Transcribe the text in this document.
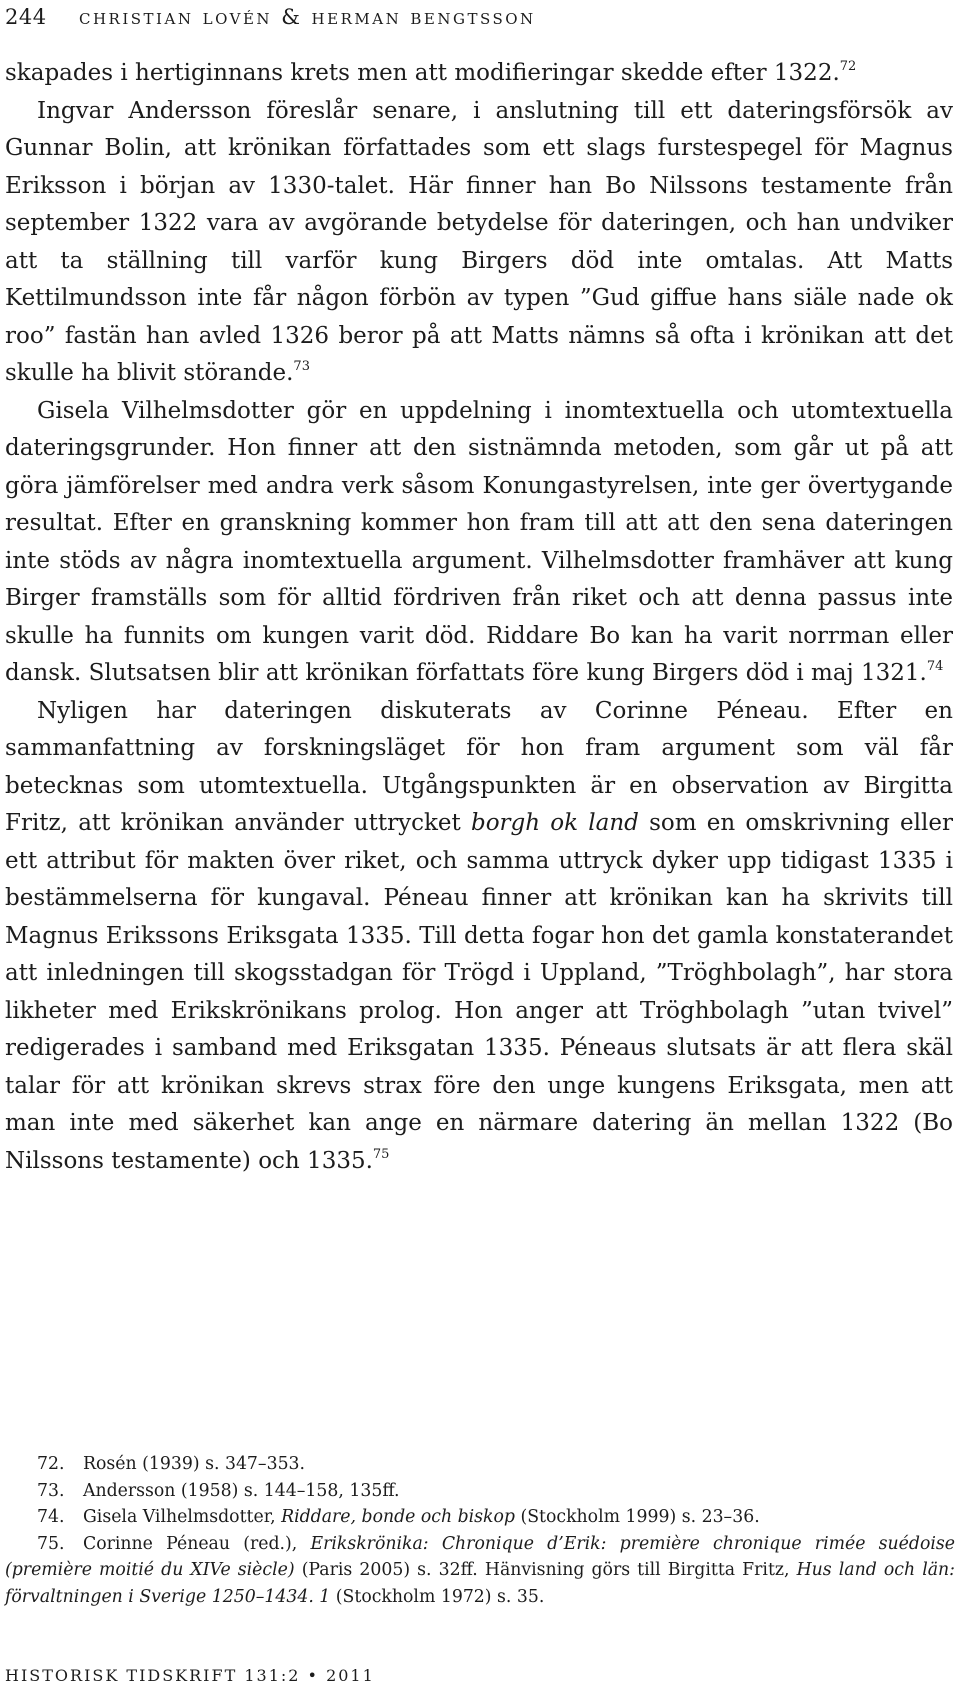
244 christian lovén & herman bengtsson

skapades i hertiginnans krets men att modifieringar skedde efter 1322.72

Ingvar Andersson föreslår senare, i anslutning till ett dateringsförsök av Gunnar Bolin, att krönikan författades som ett slags furstespegel för Magnus Eriksson i början av 1330-talet. Här finner han Bo Nilssons testamente från september 1322 vara av avgörande betydelse för dateringen, och han undviker att ta ställning till varför kung Birgers död inte omtalas. Att Matts Kettilmundsson inte får någon förbön av typen ”Gud giffue hans siäle nade ok roo” fastän han avled 1326 beror på att Matts nämns så ofta i krönikan att det skulle ha blivit störande.$^{73}$

Gisela Vilhelmsdotter gör en uppdelning i inomtextuella och utomtextuella dateringsgrunder. Hon finner att den sistnämnda metoden, som går ut på att göra jämförelser med andra verk såsom Konungastyrelsen, inte ger övertygande resultat. Efter en granskning kommer hon fram till att att den sena dateringen inte stöds av några inomtextuella argument. Vilhelmsdotter framhäver att kung Birger framställs som för alltid fördriven från riket och att denna passus inte skulle ha funnits om kungen varit död. Riddare Bo kan ha varit norrman eller dansk. Slutsatsen blir att krönikan författats före kung Birgers död i maj 1321.74

Nyligen har dateringen diskuterats av Corinne Péneau. Efter en sammanfattning av forskningsläget för hon fram argument som väl får betecknas som utomtextuella. Utgångspunkten är en observation av Birgitta Fritz, att krönikan använder uttrycket borgh ok land som en omskrivning eller ett attribut för makten över riket, och samma uttryck dyker upp tidigast 1335 i bestämmelserna för kungaval. Péneau finner att krönikan kan ha skrivits till Magnus Erikssons Eriksgata 1335. Till detta fogar hon det gamla konstaterandet att inledningen till skogsstadgan för Trögd i Uppland, ”Tröghbolagh”, har stora likheter med Erikskrönikans prolog. Hon anger att Tröghbolagh ”utan tvivel” redigerades i samband med Eriksgatan 1335. Péneaus slutsats är att flera skäl talar för att krönikan skrevs strax före den unge kungens Eriksgata, men att man inte med säkerhet kan ange en närmare datering än mellan 1322 (Bo Nilssons testamente) och 1335.75

72. Rosén (1939) s. 347–353.

73. Andersson (1958) s. 144–158, 135ff.

74. Gisela Vilhelmsdotter, Riddare, bonde och biskop (Stockholm 1999) s. 23–36.

75. Corinne Péneau (red.), Erikskrönika: Chronique d’Erik: première chronique rimée suédoise (première moitié du XIVe siècle) (Paris 2005) s. 32ff. Hänvisning görs till Birgitta Fritz, Hus land och län: förvaltningen i Sverige 1250–1434. 1 (Stockholm 1972) s. 35.

HISTORISK TIDSKRIFT 131:2 • 2011
